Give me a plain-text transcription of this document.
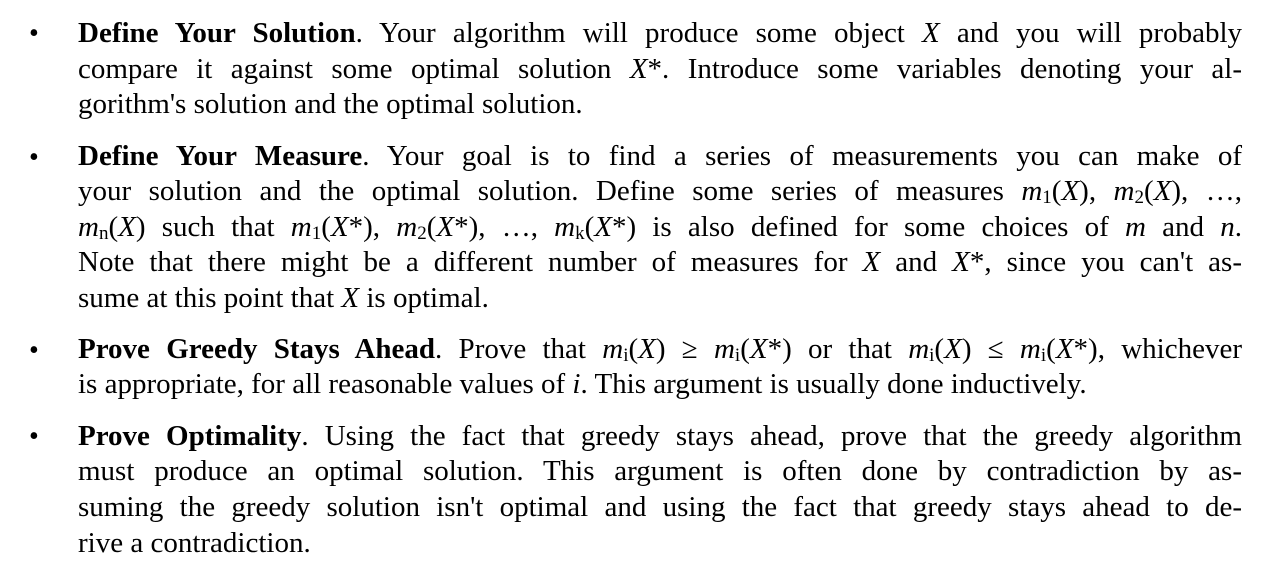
• Define Your Solution. Your algorithm will produce some object X and you will probably
compare it against some optimal solution X*. Introduce some variables denoting your al-
gorithm's solution and the optimal solution.
• Define Your Measure. Your goal is to find a series of measurements you can make of
your solution and the optimal solution. Define some series of measures $m_1(X)$, $m_2(X)$, …,
$m_n(X)$ such that $m_1(X*)$, $m_2(X*)$, …, $m_k(X*)$ is also defined for some choices of m and n.
Note that there might be a different number of measures for X and X*, since you can't as-
sume at this point that X is optimal.
• Prove Greedy Stays Ahead. Prove that $m_i(X) \ge m_i(X*)$ or that $m_i(X) \le m_i(X*)$, whichever
is appropriate, for all reasonable values of i. This argument is usually done inductively.
• Prove Optimality. Using the fact that greedy stays ahead, prove that the greedy algorithm
must produce an optimal solution. This argument is often done by contradiction by as-
suming the greedy solution isn't optimal and using the fact that greedy stays ahead to de-
rive a contradiction.
